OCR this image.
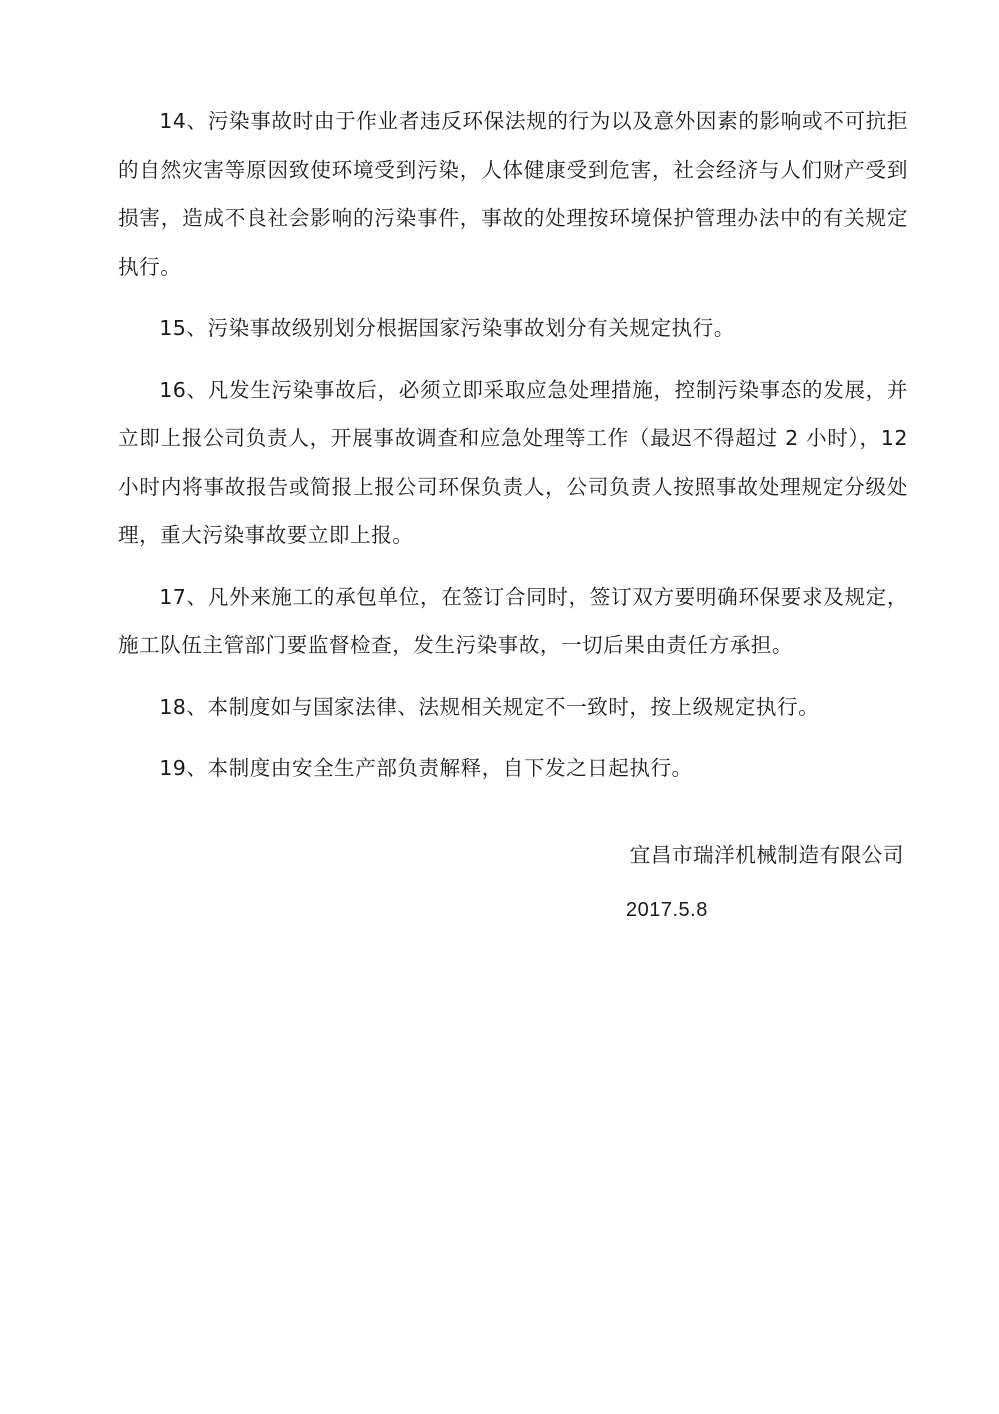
14、污染事故时由于作业者违反环保法规的行为以及意外因素的影响或不可抗拒的自然灾害等原因致使环境受到污染，人体健康受到危害，社会经济与人们财产受到损害，造成不良社会影响的污染事件，事故的处理按环境保护管理办法中的有关规定执行。

15、污染事故级别划分根据国家污染事故划分有关规定执行。

16、凡发生污染事故后，必须立即采取应急处理措施，控制污染事态的发展，并立即上报公司负责人，开展事故调查和应急处理等工作（最迟不得超过 2 小时），12 小时内将事故报告或简报上报公司环保负责人，公司负责人按照事故处理规定分级处理，重大污染事故要立即上报。

17、凡外来施工的承包单位，在签订合同时，签订双方要明确环保要求及规定，施工队伍主管部门要监督检查，发生污染事故，一切后果由责任方承担。

18、本制度如与国家法律、法规相关规定不一致时，按上级规定执行。

19、本制度由安全生产部负责解释，自下发之日起执行。

宜昌市瑞洋机械制造有限公司
2017.5.8
